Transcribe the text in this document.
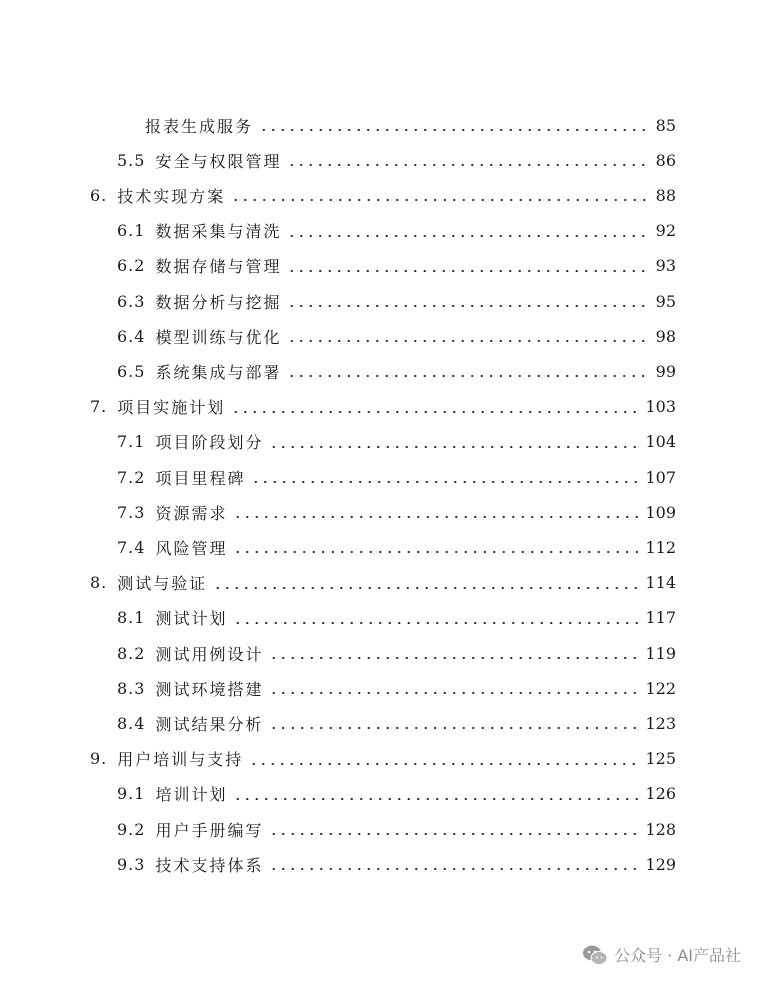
报表生成服务	85
5.5 安全与权限管理	86
6. 技术实现方案	88
6.1 数据采集与清洗	92
6.2 数据存储与管理	93
6.3 数据分析与挖掘	95
6.4 模型训练与优化	98
6.5 系统集成与部署	99
7. 项目实施计划	103
7.1 项目阶段划分	104
7.2 项目里程碑	107
7.3 资源需求	109
7.4 风险管理	112
8. 测试与验证	114
8.1 测试计划	117
8.2 测试用例设计	119
8.3 测试环境搭建	122
8.4 测试结果分析	123
9. 用户培训与支持	125
9.1 培训计划	126
9.2 用户手册编写	128
9.3 技术支持体系	129
公众号 · AI产品社
